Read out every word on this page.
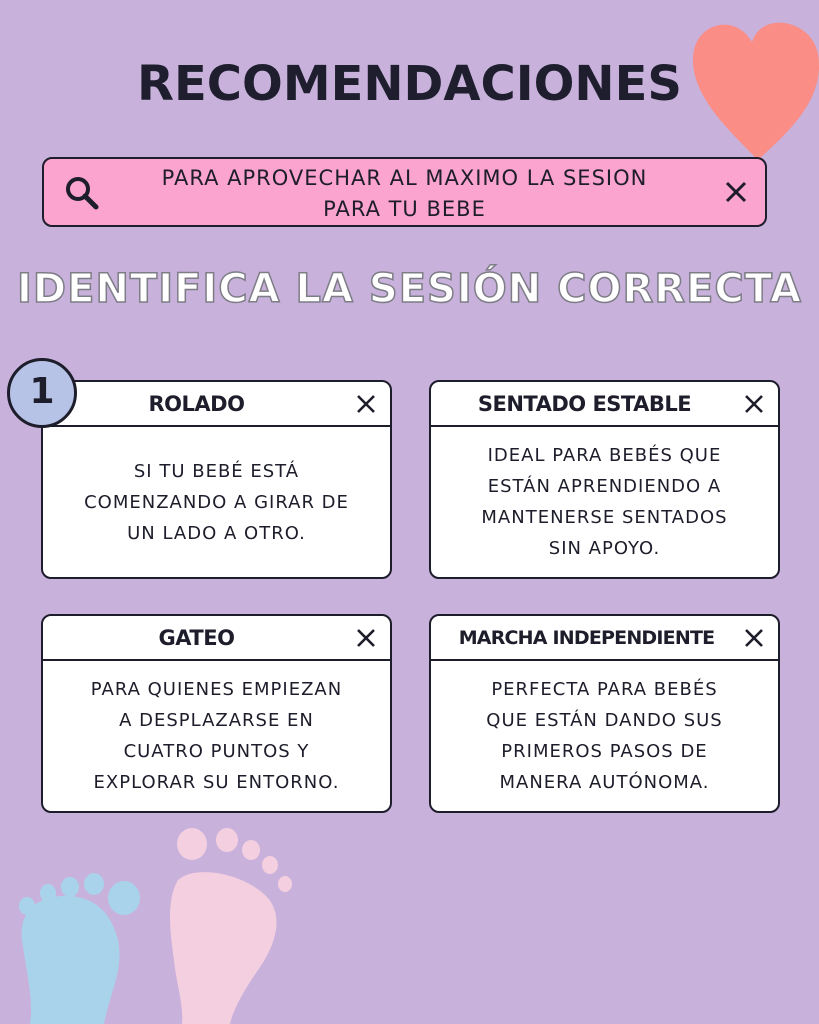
RECOMENDACIONES
PARA APROVECHAR AL MAXIMO LA SESION
PARA TU BEBE
IDENTIFICA LA SESIÓN CORRECTA
1	ROLADO
SI TU BEBÉ ESTÁ
COMENZANDO A GIRAR DE
UN LADO A OTRO.
SENTADO ESTABLE
IDEAL PARA BEBÉS QUE
ESTÁN APRENDIENDO A
MANTENERSE SENTADOS
SIN APOYO.
GATEO
PARA QUIENES EMPIEZAN
A DESPLAZARSE EN
CUATRO PUNTOS Y
EXPLORAR SU ENTORNO.
MARCHA INDEPENDIENTE
PERFECTA PARA BEBÉS
QUE ESTÁN DANDO SUS
PRIMEROS PASOS DE
MANERA AUTÓNOMA.
